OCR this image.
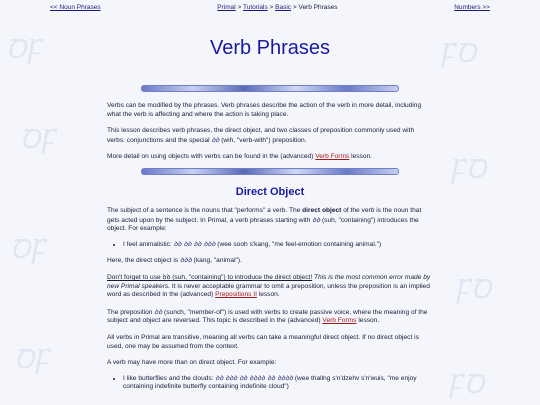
ꝹꝻ	ꝻꝹ
ꝹꝻ
ꝻꝹ
ꝹꝻ
ꝻꝹ
ꝹꝻ
ꝻꝹ
<< Noun Phrases	Primal > Tutorials > Basic > Verb Phrases	Numbers >>
Verb Phrases

Verbs can be modified by the phrases. Verb phrases describe the action of the verb in more detail, including what the verb is affecting and where the action is taking place.

This lesson describes verb phrases, the direct object, and two classes of preposition commonly used with verbs: conjunctions and the special ꝺꝺ (wih, "verb-with") preposition.

More detail on using objects with verbs can be found in the (advanced) Verb Forms lesson.

Direct Object

The subject of a sentence is the nouns that "performs" a verb. The direct object of the verb is the noun that gets acted upon by the subject. In Primal, a verb phrases starting with ꝺꝺ (suh, "containing") introduces the object. For example:

• I feel animalistic: ꝺꝺ ꝺꝺ ꝺꝺ ꝺꝺꝺ (wee sooh s'kang, "me feel-emotion containing animal.")

Here, the direct object is ꝺꝺꝺ (kang, "animal").

Don't forget to use ꝺꝺ (suh, "containing") to introduce the direct object! This is the most common error made by new Primal speakers. It is never acceptable grammar to omit a preposition, unless the preposition is an implied word as described in the (advanced) Prepositions II lesson.

The preposition ꝺꝺ (sunch, "member-of") is used with verbs to create passive voice, where the meaning of the subject and object are reversed. This topic is described in the (advanced) Verb Forms lesson.

All verbs in Primal are transitive, meaning all verbs can take a meaningful direct object. If no direct object is used, one may be assumed from the context.

A verb may have more than on direct object. For example:

• I like butterflies and the clouds: ꝺꝺ ꝺꝺꝺ ꝺꝺ ꝺꝺꝺꝺ ꝺꝺ ꝺꝺꝺꝺ (wee thallng s'n'dzehv s'n'wuis, "me enjoy containing indefinite butterfly containing indefinite cloud")
